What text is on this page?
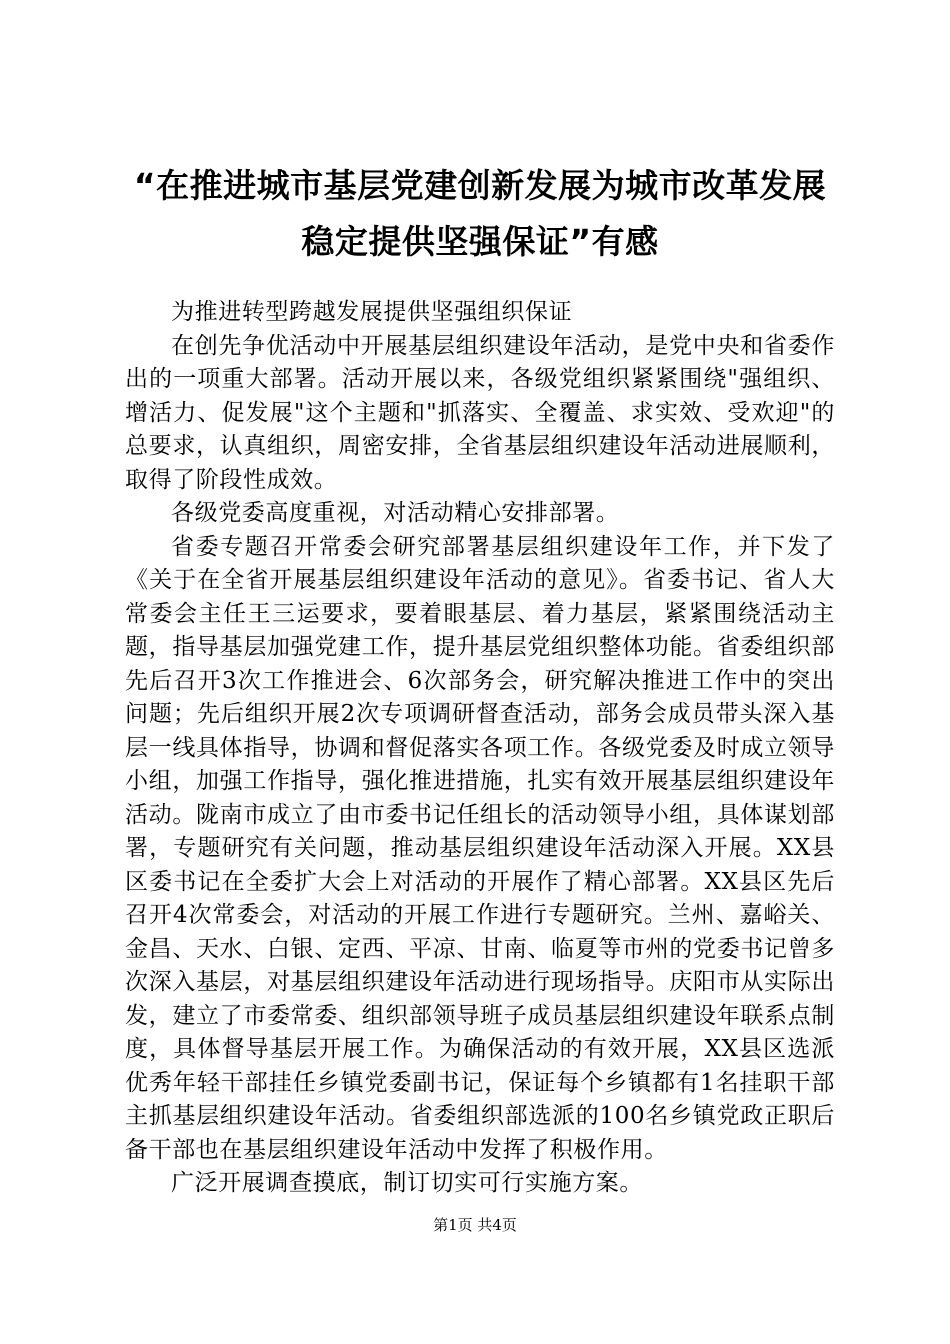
“在推进城市基层党建创新发展为城市改革发展稳定提供坚强保证”有感

为推进转型跨越发展提供坚强组织保证

在创先争优活动中开展基层组织建设年活动，是党中央和省委作出的一项重大部署。活动开展以来，各级党组织紧紧围绕"强组织、增活力、促发展"这个主题和"抓落实、全覆盖、求实效、受欢迎"的总要求，认真组织，周密安排，全省基层组织建设年活动进展顺利，取得了阶段性成效。

各级党委高度重视，对活动精心安排部署。

省委专题召开常委会研究部署基层组织建设年工作，并下发了《关于在全省开展基层组织建设年活动的意见》。省委书记、省人大常委会主任王三运要求，要着眼基层、着力基层，紧紧围绕活动主题，指导基层加强党建工作，提升基层党组织整体功能。省委组织部先后召开3次工作推进会、6次部务会，研究解决推进工作中的突出问题；先后组织开展2次专项调研督查活动，部务会成员带头深入基层一线具体指导，协调和督促落实各项工作。各级党委及时成立领导小组，加强工作指导，强化推进措施，扎实有效开展基层组织建设年活动。陇南市成立了由市委书记任组长的活动领导小组，具体谋划部署，专题研究有关问题，推动基层组织建设年活动深入开展。XX县区委书记在全委扩大会上对活动的开展作了精心部署。XX县区先后召开4次常委会，对活动的开展工作进行专题研究。兰州、嘉峪关、金昌、天水、白银、定西、平凉、甘南、临夏等市州的党委书记曾多次深入基层，对基层组织建设年活动进行现场指导。庆阳市从实际出发，建立了市委常委、组织部领导班子成员基层组织建设年联系点制度，具体督导基层开展工作。为确保活动的有效开展，XX县区选派优秀年轻干部挂任乡镇党委副书记，保证每个乡镇都有1名挂职干部主抓基层组织建设年活动。省委组织部选派的100名乡镇党政正职后备干部也在基层组织建设年活动中发挥了积极作用。

广泛开展调查摸底，制订切实可行实施方案。

第1页 共4页
